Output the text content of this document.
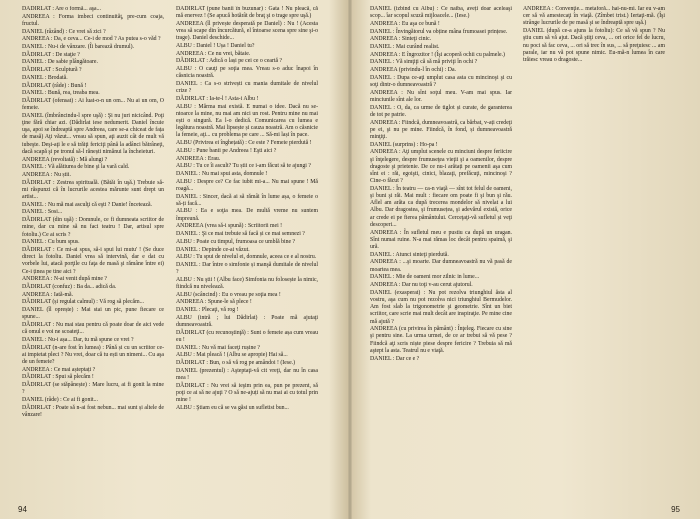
DĂDIRLAT : Are o formă... aşa...

ANDREEA : Forma imbeci continuităţ, pre-cum coaja, fructul.

DANIEL (râzând) : Ce vrei să zici ?

ANDREEA : Da, e ceva... Ce-i de mod ? As putea s-o văd ?

DANIEL : Nu-i de vânzare. (Îi barează drumul).

DĂDIRLAT : De staţie ?

DANIEL : De sabie plângătoare.

DĂDIRLAT : Sculptură ?

DANIEL : Brodată.

DĂDIRLAT (râde) : Bună !

DANIEL : Bună, rea, treaba mea.

DĂDIRLAT (ofensat) : Ai luat-o-n un om... Nu ai un om, O femeie.

DANIEL (îmbrâncindu-l spre uşă) : Şi nu juri nicicând. Poţi ţine fără chiar azi. (Dădirlat iese nedumerit. Daniel încuie uşa, apoi se îndreaptă spre Andreea, care se-a chiceat de fața de masă) Aţi văzut... vreau să spun, aţi auzit cât de mult vă iubeşte. Deşi-aţi le e să trăiţi fericiţi până la adânci bătrâneţi, dacă scapă şi pe tronul să-l rănești nimănui la încheieturi.

ANDREEA (revoltată) : Mă alungi ?

DANIEL : Vă alătiurea de bine şi la vară cald.

ANDREEA : Nu știi.

DĂDIRLAT : Zestrea spirituală. (Bătăi în uşă.) Trebuie să-mi răspunzi că în lucrurile acestea mărunte sunt drept un artist...

DANIEL : Nu mă mai asculţi că eşti ? Danie! încetează.

DANIEL : Sosi...

DĂDIRLAT (din uşă) : Domnule, ce fi dumneata scriitor de mine, dar cu mine să nu faci teatru ! Dar, artisul spre fotoliu.) Ce ai scris ?

DANIEL : Cu bum spus.

DĂDIRLAT : Ce mi-ai spus, să-i spui lui mutu' ! (Se duce direct la fotoliu. Daniel vrea să intervină, dar e dat cu vorbele lui, atacă porţile cu faţa de masă şi rămâne între ei) Ce-i ținea pe tine aici ?

ANDREEA : N-ai venit după mine ?

DĂDIRLAT (confuz) : Ba da... adică da.

ANDREEA : Iată-mă.

DĂDIRLAT (și regulat calmul) : Vă rog să plecăm...

DANIEL (îl oprește) : Mai stai un pic, pune fiecare ce spune...

DĂDIRLAT : Nu mai stau pentru că poate doar de aici vede că omul e voi ne scoateţi...

DANIEL : Nu-i așa... Dar, tu mă spune ce vrei ?

DĂDIRLAT (n-are fost în lumea) : Până și cu un scriitor ce-ai impietat pleci ? Nu vrei, doar că tu ești un nimeni... Cu aşa de un femeie?

ANDREEA : Ce mai așteptați ?

DĂDIRLAT : Spui să plecăm !

DĂDIRLAT (se stăpânește) : Mare lucru, ai fi gonit la mine ?

DANIEL (râde) : Ce ai fi gonit...

DĂDIRLAT : Poate să n-ai fost nebun... mai sunt și altele de vânzare!

DĂDIRLAT (pune banii în buzunar) : Gata ! Nu pleacă, că mă enervez ! (Se apucă hotărât de braţ şi o trage spre uşă.)

ANDREEA (îl privește desperată pe Daniel) : Nu ! (Acesta vrea să scape din încurcătură, el întoarse scena spre sine şi-o trage). Daniel deschide...

ALBU : Daniel ! Ușa ! Daniel tu?

ANDREEA : Ce nu vrei, bătaie.

DĂDIRLAT : Adică o lași pe cei ce o ceartă ?

ALBU : O cauţi pe soţia mea. Vreau s-o aduc înapoi în căsnicia noastră.

DANIEL : Ca s-o strivești cu mania dumitale de nivelul crize ?

DĂDIRLAT : Ia-te-l ! Asta-i Albu !

ALBU : Mărma mai există. E numai o idee. Dacă nu se-ntoarce la mine, nu mai am nici un rost. Pentru mine nu mai ești o singură. Ea l-o dedică. Comunicarea cu lumea e legătura noastră. Mai lipsește și cauza noastră. Am o căsnicie la femeie, aţi... cu problema pe care ... Să-mi lași în pace.

ALBU (Privirea ei înghețată) : Ce este ? Femeie pierdută !

ALBU : Pune banii pe Andreea ! Eşti aici ?

ANDREEA : Erau.

ALBU : Tu ce îi ascult? Tu știi ce i-am făcut să te ajungi ?

DANIEL : Nu mai spui asta, domnule !

ALBU : Despre ce? Ce fac iubit mi-a... Nu mai spune ! Mă roagă...

DANIEL : Sincer, dacă ai să rămâi în lume așa, o femeie o să-ți facă...

ALBU : Ea e soţia mea. De multă vreme nu suntem împreună.

ANDREEA (vrea să-i spună) : Scriitorii mei !

DANIEL : Şi ce mai trebuie să facă și ce mai semnezi ?

ALBU : Poate cu timpul, frumoasa ce umblă bine ?

DANIEL : Depinde ce-ai văzut.

ALBU : Tu spui de nivelul ei, domnule, aceea ce e al nostru.

DANIEL : Dar între o simfonie și manşă dumitale de nivelul ?

ALBU : Nu ştii ! (Albu face) Simfonia nu folosește la nimic, fiindcă nu nivelează.

ALBU (scâncind) : Eu o vreau pe soţia mea !

ANDREEA : Spune-le să plece !

DANIEL : Plecaţi, vă rog !

ALBU (intră ; lui Dădirlat) : Poate mă ajutaţi dumneavoastră.

DĂDIRLAT (cu recunoştinţă) : Sunt o femeie așa cum vreau eu !

DANIEL : Nu vă mai faceţi rușine ?

ALBU : Mai pleacă ! (Albu se apropie) Hai să...

DĂDIRLAT : Bun, o să vă rog pe amândoi ! (Iese.)

DANIEL (prezentul) : Aşteptaţi-vă cit vreţi, dar nu în casa mea !

DĂDIRLAT : Nu vrei să ieşim prin ea, pun pe prezent, să poţi ce ai să ne ajuţi ? O să ne-ajuți să nu mai ai cu totul prin mine !

ALBU : Ştiam eu că se va găsi un sufletist bun...

94

DANIEL (izbind cu Albu) : Ce naiba, aveți doar aceleaşi scop... îar scopul scuză mijloacele... (Iese.)

ANDREEA : Eu aşa ce bună !

DANIEL : Învingătorul va obține mâna frumoasei prințese.

ANDREEA : Sinteţi cinic.

DANIEL : Mai curând realist.

ANDREEA : E îngrozitor ! (Îşi acoperă ochii cu palmele.)

DANIEL : Vă simţiţi că să mă priviţi în ochi ?

ANDREEA (privindu-l în ochi) : Da.

DANIEL : Dupa ce-aţi umplut casa asta cu mincinoşi şi cu soţi dintr-o dumneavoastră ?

ANDREEA : Nu sînt soţul meu. V-am mai spus. Iar minciunile sînt ale lor.

DANIEL : O, da, ca urme de tiglot și curate, de garanterea de tot pe patrie.

ANDREEA : Fiindcă, dumneavoastră, ca bărbat, v-ați credeţi pe ei, şi nu pe mine. Fiindcă, în fond, și dumneavoastră minţiţi.

DANIEL (surprins) : Ho-pa !

ANDREEA : Aţi umplut scenele cu minciuni despre feriicire şi înţelegere, despre frumuseţea vieţii şi a oamenilor, despre dragoste şi prietenie. De ce nu-i arătați pe oamenii aşa cum sînt ei : răi, egoişti, cinici, blazaţi, prefăcuţi, mincinoşi ? Cine-o făcut ?

DANIEL : În teatru — ca-n viaţă — sînt tot felul de oameni, şi buni şi răi. Mai mult : fiecare om poate fi şi bun şi rău. Aflel am arăta ca după trecerea mondelor să nivelat a lui Albu. Dar dragostea, şi frumusețea, şi adevărul există, orice ar crede ei pe fierea pământului. Cerceţaţi-vă sufletul și veţi descoperi...

ANDREEA : În sufletul meu e pustiu ca după un uragan. Sînt numai ruine. N-a mai rămas loc decât pentru spaimă, şi ură.

DANIEL : Atunci sinteţi pierdută.

ANDREEA : ...şi moarte. Dar dumneavoastră nu vă pasă de moartea mea.

DANIEL : Mie de oameni mor zilnic in lume...

ANDREEA : Dar nu toţi v-au cerut ajutorul.

DANIEL (exasperat) : Nu pot rezolva triunghiul ăsta al vostru, aşa cum nu pot rezolva nici triunghiul Bermudelor. Am fost slab la trigonometrie şi geometrie. Sînt un biet scriitor, care scrie mai mult decât are inspiraţie. Pe mine cine mă ajută ?

ANDREEA (cu privirea în pământ) : Înţeleg. Fiecare cu sine şi pentru sine. La urma urmei, de ce ar trebui să vă pese ? Fiindcă aţi scris niște piese despre fericire ? Trebuia să mă aştept la asta. Teatrul nu e viaţă.

DANIEL : Dar ce e ?

ANDREEA : Convenţie... metaforă... hai-nu-mi. Iar eu v-am cer să vă amestecaţi în viaţă. (Zîmbet trist.) Iertaţi-mă. (Îşi strânge lucrurile de pe masă şi se îndreaptă spre uşă.)

DANIEL (după ce-a ajuns la fotoliu): Ce să vă spun ? Nu ştiu cum să vă ajut. Dacă ştiţi ceva, ... ori orice fel de lucru, nu poci să fac ceva, ... ori să trec în sus, ... să preţuiesc ... am parale, iar nu vă pot spune nimic. Eu-mă-n lumea în care trăiesc vreau o dragoste...

95
